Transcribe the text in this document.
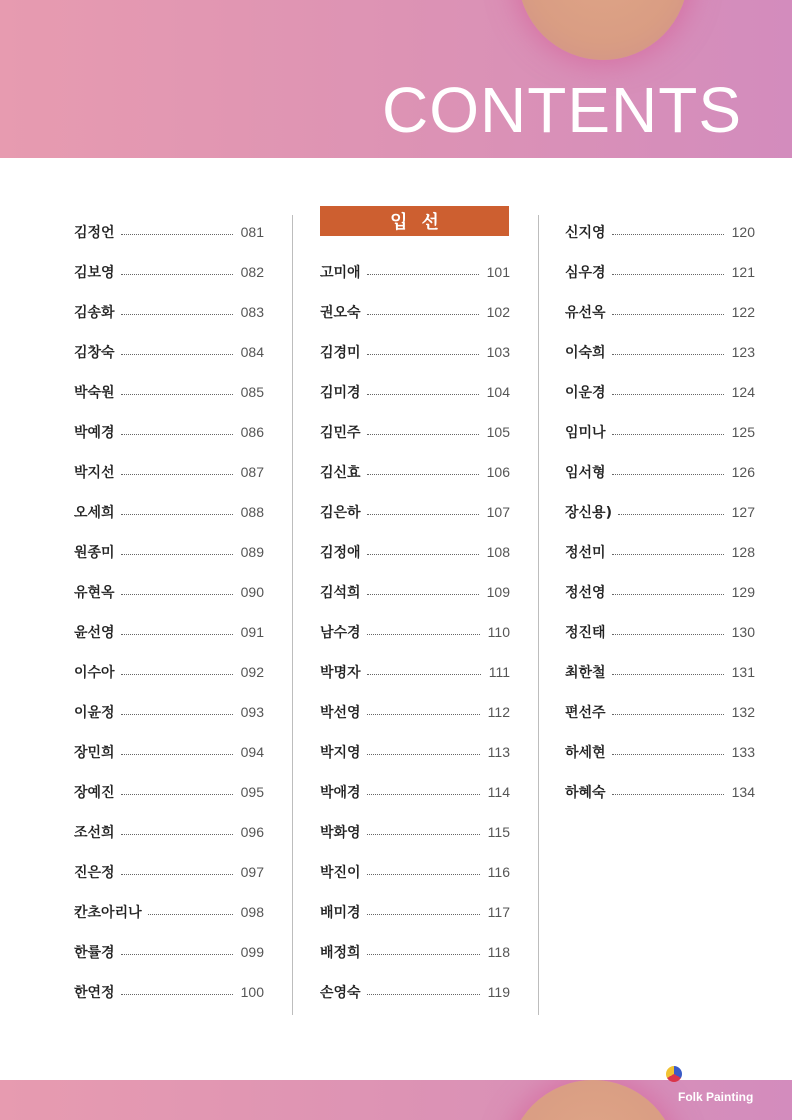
CONTENTS
김정언	081
김보영	082
김송화	083
김창숙	084
박숙원	085
박예경	086
박지선	087
오세희	088
원종미	089
유현옥	090
윤선영	091
이수아	092
이윤정	093
장민희	094
장예진	095
조선희	096
진은정	097
칸초아리나	098
한률경	099
한연정	100
입선
고미애	101
권오숙	102
김경미	103
김미경	104
김민주	105
김신효	106
김은하	107
김정애	108
김석희	109
남수경	110
박명자	111
박선영	112
박지영	113
박애경	114
박화영	115
박진이	116
배미경	117
배정희	118
손영숙	119
신지영	120
심우경	121
유선옥	122
이숙희	123
이운경	124
임미나	125
임서형	126
장신용)	127
정선미	128
정선영	129
정진태	130
최한철	131
편선주	132
하세현	133
하혜숙	134
K 민화
Folk Painting
